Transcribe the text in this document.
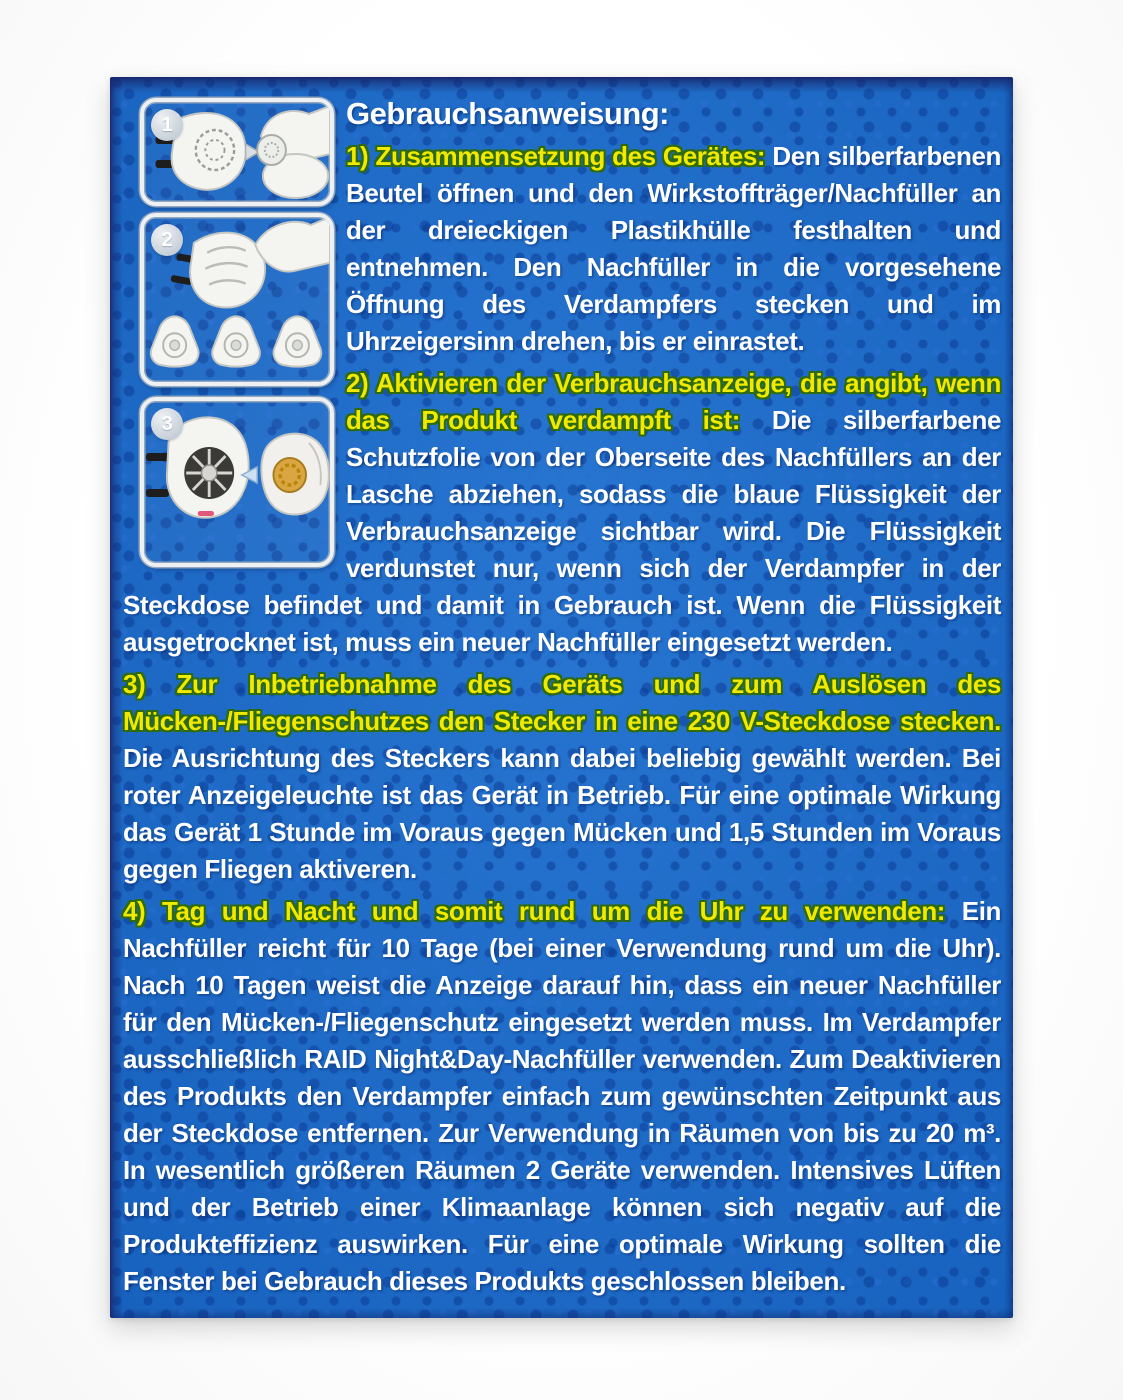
1
2
3
Gebrauchsanweisung:

1) Zusammensetzung des Gerätes: Den silberfarbenen Beutel öffnen und den Wirkstoffträger/Nachfüller an der dreieckigen Plastikhülle festhalten und entnehmen. Den Nachfüller in die vorgesehene Öffnung des Verdampfers stecken und im Uhrzeigersinn drehen, bis er einrastet.

2) Aktivieren der Verbrauchsanzeige, die angibt, wenn das Produkt verdampft ist: Die silberfarbene Schutzfolie von der Oberseite des Nachfüllers an der Lasche abziehen, sodass die blaue Flüssigkeit der Verbrauchsanzeige sichtbar wird. Die Flüssigkeit verdunstet nur, wenn sich der Verdampfer in der Steckdose befindet und damit in Gebrauch ist. Wenn die Flüssigkeit ausgetrocknet ist, muss ein neuer Nachfüller eingesetzt werden.

3) Zur Inbetriebnahme des Geräts und zum Auslösen des Mücken-/Fliegenschutzes den Stecker in eine 230 V-Steckdose stecken. Die Ausrichtung des Steckers kann dabei beliebig gewählt werden. Bei roter Anzeigeleuchte ist das Gerät in Betrieb. Für eine optimale Wirkung das Gerät 1 Stunde im Voraus gegen Mücken und 1,5 Stunden im Voraus gegen Fliegen aktiveren.

4) Tag und Nacht und somit rund um die Uhr zu verwenden: Ein Nachfüller reicht für 10 Tage (bei einer Verwendung rund um die Uhr). Nach 10 Tagen weist die Anzeige darauf hin, dass ein neuer Nachfüller für den Mücken-/Fliegenschutz eingesetzt werden muss. Im Verdampfer ausschließlich RAID Night&Day-Nachfüller verwenden. Zum Deaktivieren des Produkts den Verdampfer einfach zum gewünschten Zeitpunkt aus der Steckdose entfernen. Zur Verwendung in Räumen von bis zu 20 m³. In wesentlich größeren Räumen 2 Geräte verwenden. Intensives Lüften und der Betrieb einer Klimaanlage können sich negativ auf die Produkteffizienz auswirken. Für eine optimale Wirkung sollten die Fenster bei Gebrauch dieses Produkts geschlossen bleiben.
